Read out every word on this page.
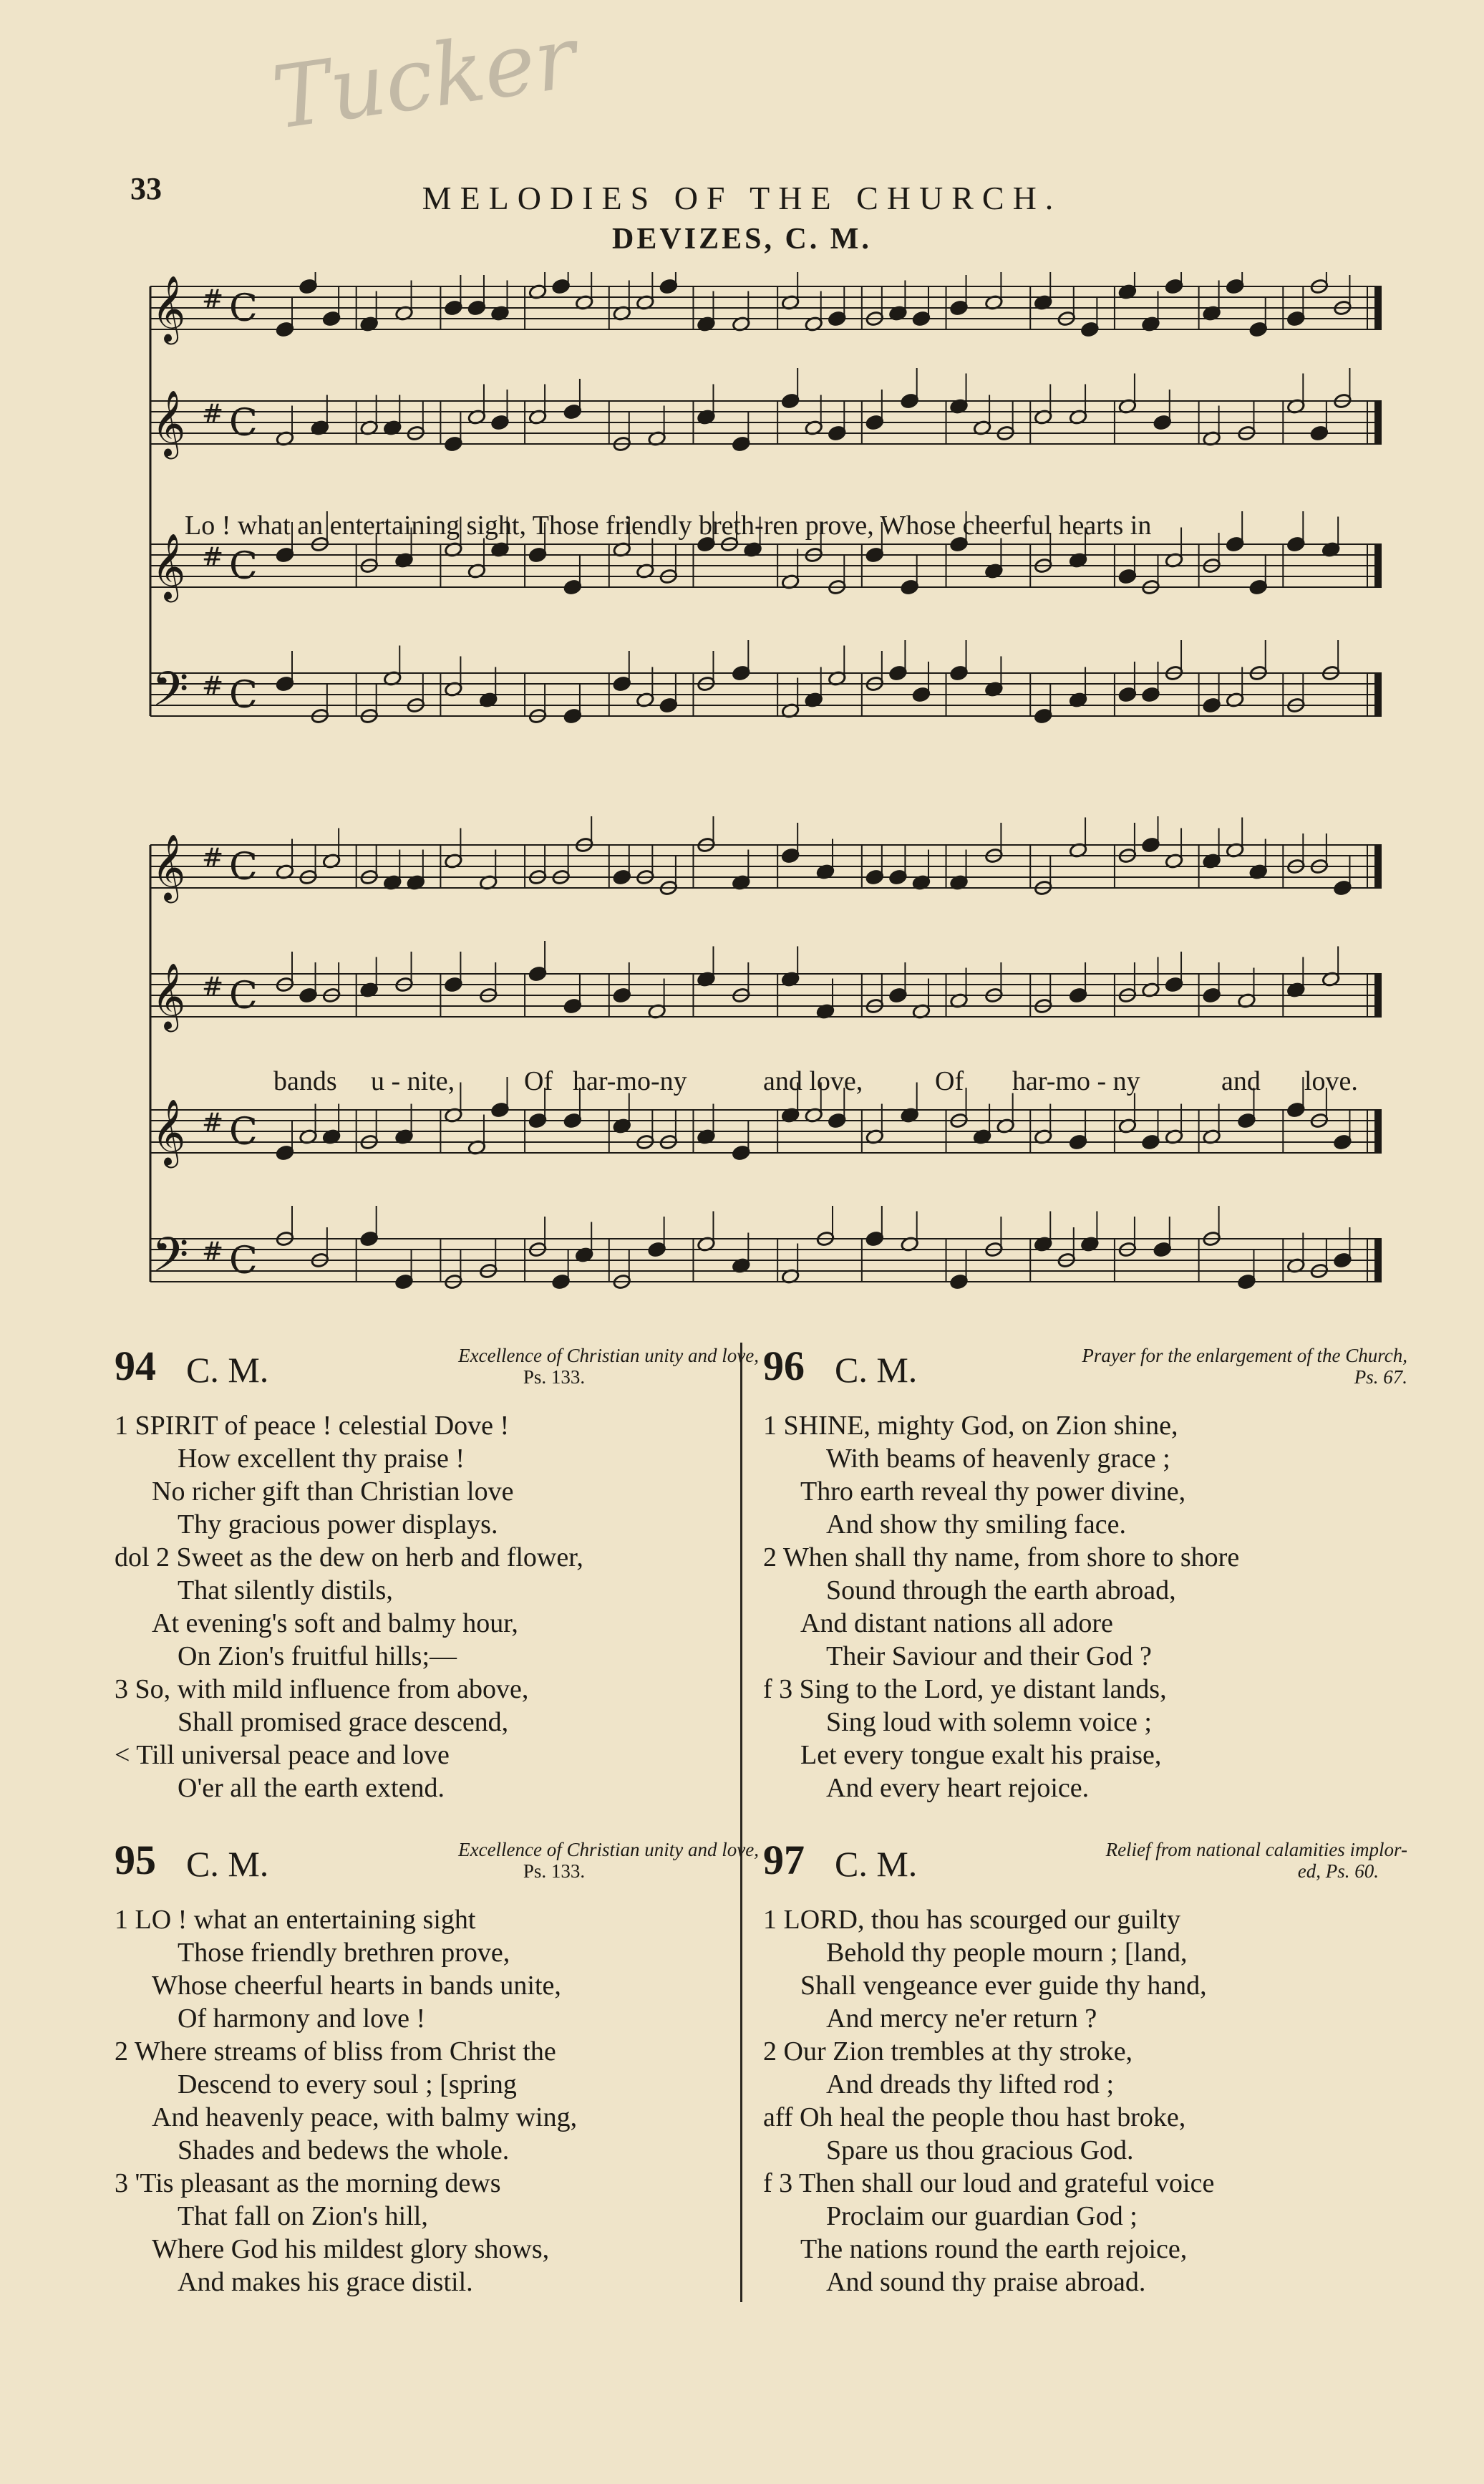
Tucker
33	MELODIES OF THE CHURCH.
DEVIZES, C. M.
𝄞 # C
𝄞 # C
𝄞 # C
𝄢 # C
Lo ! what an entertaining sight, Those friendly breth-ren prove, Whose cheerful hearts in
𝄞 # C
𝄞 # C
𝄞 # C
𝄢 # C
bands u - nite,	Of har-mo-ny	and love,	Of har-mo - ny	and love.
94 C. M.	Excellence of Christian unity and love,
Ps. 133.
1 SPIRIT of peace ! celestial Dove !
How excellent thy praise !
No richer gift than Christian love
Thy gracious power displays.
dol 2 Sweet as the dew on herb and flower,
That silently distils,
At evening's soft and balmy hour,
On Zion's fruitful hills;—
3 So, with mild influence from above,
Shall promised grace descend,
< Till universal peace and love
O'er all the earth extend.
95 C. M.	Excellence of Christian unity and love,
Ps. 133.
1 LO ! what an entertaining sight
Those friendly brethren prove,
Whose cheerful hearts in bands unite,
Of harmony and love !
2 Where streams of bliss from Christ the
Descend to every soul ; [spring
And heavenly peace, with balmy wing,
Shades and bedews the whole.
3 'Tis pleasant as the morning dews
That fall on Zion's hill,
Where God his mildest glory shows,
And makes his grace distil.
96 C. M.	Prayer for the enlargement of the Church,
Ps. 67.
1 SHINE, mighty God, on Zion shine,
With beams of heavenly grace ;
Thro earth reveal thy power divine,
And show thy smiling face.
2 When shall thy name, from shore to shore
Sound through the earth abroad,
And distant nations all adore
Their Saviour and their God ?
f 3 Sing to the Lord, ye distant lands,
Sing loud with solemn voice ;
Let every tongue exalt his praise,
And every heart rejoice.
97 C. M.	Relief from national calamities implor-
ed, Ps. 60.
1 LORD, thou has scourged our guilty
Behold thy people mourn ; [land,
Shall vengeance ever guide thy hand,
And mercy ne'er return ?
2 Our Zion trembles at thy stroke,
And dreads thy lifted rod ;
aff Oh heal the people thou hast broke,
Spare us thou gracious God.
f 3 Then shall our loud and grateful voice
Proclaim our guardian God ;
The nations round the earth rejoice,
And sound thy praise abroad.
